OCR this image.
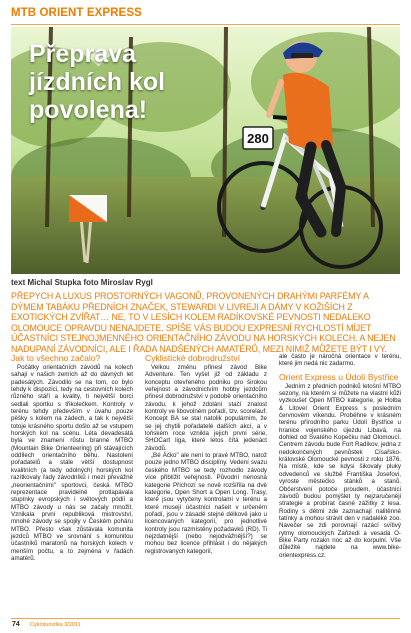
MTB ORIENT EXPRESS
280
Přeprava jízdních kol povolena!
text Michal Stupka foto Miroslav Rygl
PŘEPYCH A LUXUS PROSTORNÝCH VAGONŮ, PROVONENÝCH DRAHÝMI PARFÉMY A DÝMEM TABÁKU PŘEDNÍCH ZNAČEK, STEWARDI V LIVREJI A DÁMY V KOŽIŠÍCH Z EXOTICKÝCH ZVÍŘAT… NE, TO V LESÍCH KOLEM RADÍKOVSKÉ PEVNOSTI NEDALEKO OLOMOUCE OPRAVDU NENAJDETE. SPÍŠE VÁS BUDOU EXPRESNÍ RYCHLOSTÍ MÍJET ÚČASTNÍCI STEJNOJMENNÉHO ORIENTAČNÍHO ZÁVODU NA HORSKÝCH KOLECH. A NEJEN NADUPANÍ ZÁVODNÍCI, ALE I ŘADA NADŠENÝCH AMATÉRŮ, MEZI NIMIŽ MŮŽETE BÝT I VY.
Jak to všechno začalo?

Počátky orientačních závodů na kolech sahají v našich zemích až do dávných let padesátých. Závodilo se na tom, co bylo tehdy k dispozici, tedy na cestovních kolech různého stáří a kvality, ti největší borci sedlali sportku s třikolečkem. Kontroly v terénu tehdy především v úvahu pouze pěšky s kolem na zádech, a tak k největší totoje krásného sportu došlo až se vstupem horských kol na scénu. Léta devadesátá byla ve znamení růstu branné MTBO (Mountain Bike Orienteering) při stávajících oddílech orientačního běhu. Nastolení pořadatelů a stále větší dostupnost kvalitních (a tedy odolných) horských kol razítkovaly řady závodníků i mezi převážně „neorientačními" sportovci, česká MTBO reprezentace pravidelně protlapávala stupínky evropských i světových pódií a MTBO závody u nás se začaly množit. Vznikala první republiková mistrovství, mnohé závody se spojily v Českém poháru MTBO. Přesto však zůstávala komunita jezdců MTBO ve srovnání s komunitou účastníků maratonů na horských kolech v menším počtu, a to zejména v řadách amatérů.

Cyklistické dobrodružství

Velkou změnu přinesl závod Bike Adventure. Ten vyšel již od základu z konceptu otevřeného podniku pro širokou veřejnost a závodnictvím hobby jezdcům přinesl dobrodružství v podobě orientačního závodu, k jehož zdolání stačí znalost kontroly ve libovolném pořadí, tzv. scorelauf. Koncept BA se stal natolik populárním, že se jej chytili pořadatelé dalších akcí, a v loňském roce vznikla jejich první série, SHOCart liga, které letos čítá jedenáct závodů.

„Bé Áčko" ale není to pravé MTBO, natož pouze jedno MTBO disciplíny. Vedení svazu českého MTBO se tedy rozhodlo závody více přiblížit veřejnosti. Původní nenosná kategorie Příchozí se nově rozšířila na dvě kategorie, Open Short a Open Long. Trasy, které jsou vytyčeny kontrolami v terénu a které musejí účastníci našeit v určeném pořadí, jsou v zásadě stejné délkově jako u licencovaných kategorií, pro jednotlivé kontroly jsou razmístěny požadavků (RD). Ti nejzdatnější (nebo nejodvážnější?) se mohou bez licence přihlásit i do nějakých registrovaných kategorií,

ale často je náročná orientace v terénu, které jim nedá nic zadarmo.

Orient Express u Údolí Bystřice

Jedním z předních podniků letošní MTBO sezony, na kterém si můžete na vlastní kůži vyzkoušet Open MTBO kategorie, je Holba & Litovel Orient Express s posledním červnovém víkendu. Proběhne v krásném terénu přírodního parku Údolí Bystřice u hranice vojenského újezdu Libavá, na dohled od Svatého Kopečku nad Olomoucí. Centrem závodu bude Fort Radíkov, jedna z nedokončených pevnůstek Císařsko-královské Olomoucké pevnosti z roku 1876. Na místě, kde se kdysi šikovaly pluky odvedenců ve službě Františka Josefovi, vyroste městečko stánků a stanů. Občerstvení potoče proudem, účastníci závodů budou pomýšlet ty nejzaručeněji strategie a probírat časné zážitky z lesa. Rodiny s dětmi zde zaznachají nalitěnné tatínky a mohou strávit den v nadaléké zoo. Navečer se zdi porovnají razácí svítivý rytmy olomouckých Zaňzedi a vesadá O-Bike Party rozakn noc až do korpulní. Vše důležité najdete na www.bike-orientexpress.cz.

74 Cykloturistika 3/2011
